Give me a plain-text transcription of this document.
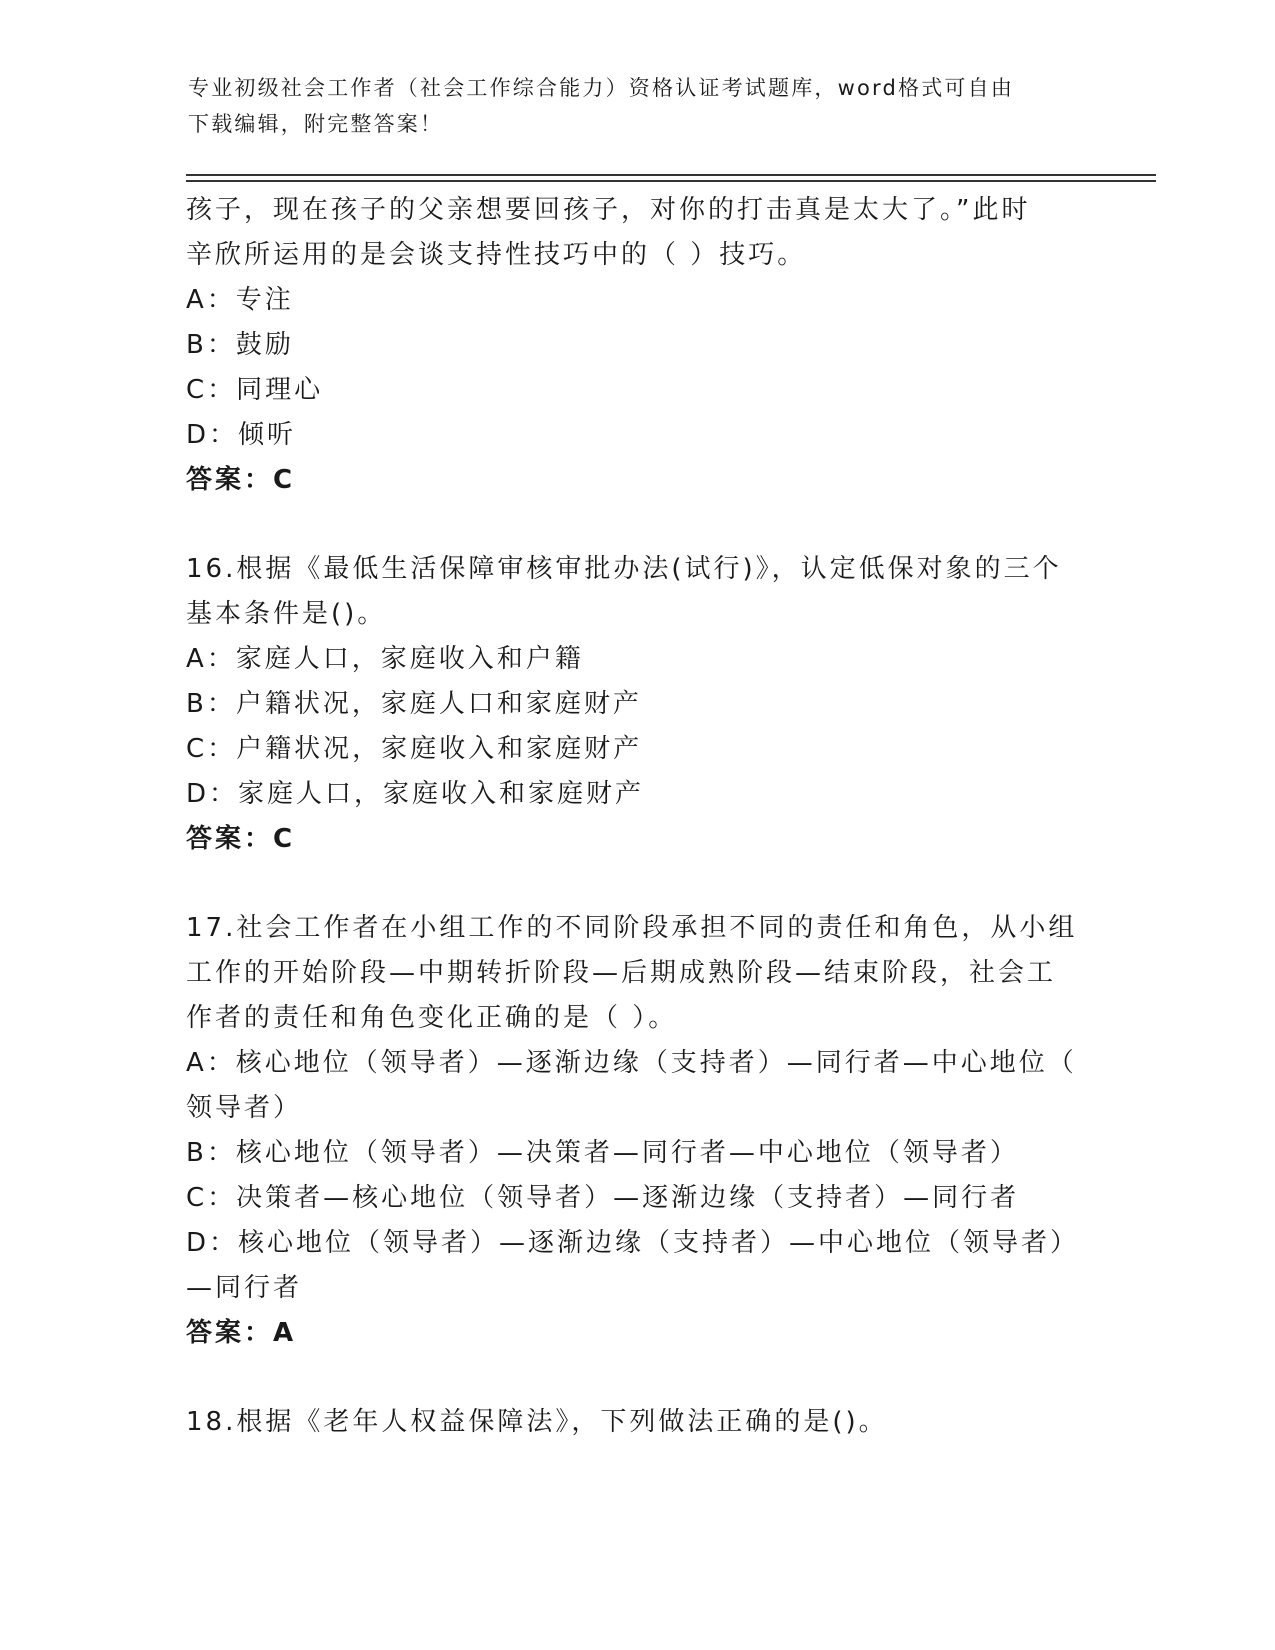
专业初级社会工作者（社会工作综合能力）资格认证考试题库，word格式可自由
下载编辑，附完整答案！
孩子，现在孩子的父亲想要回孩子，对你的打击真是太大了。”此时
辛欣所运用的是会谈支持性技巧中的（ ）技巧。
A：专注
B：鼓励
C：同理心
D：倾听
答案：C
16.根据《最低生活保障审核审批办法(试行)》，认定低保对象的三个
基本条件是()。
A：家庭人口，家庭收入和户籍
B：户籍状况，家庭人口和家庭财产
C：户籍状况，家庭收入和家庭财产
D：家庭人口，家庭收入和家庭财产
答案：C
17.社会工作者在小组工作的不同阶段承担不同的责任和角色，从小组
工作的开始阶段—中期转折阶段—后期成熟阶段—结束阶段，社会工
作者的责任和角色变化正确的是（ ）。
A：核心地位（领导者）—逐渐边缘（支持者）—同行者—中心地位（
领导者）
B：核心地位（领导者）—决策者—同行者—中心地位（领导者）
C：决策者—核心地位（领导者）—逐渐边缘（支持者）—同行者
D：核心地位（领导者）—逐渐边缘（支持者）—中心地位（领导者）
—同行者
答案：A
18.根据《老年人权益保障法》，下列做法正确的是()。
